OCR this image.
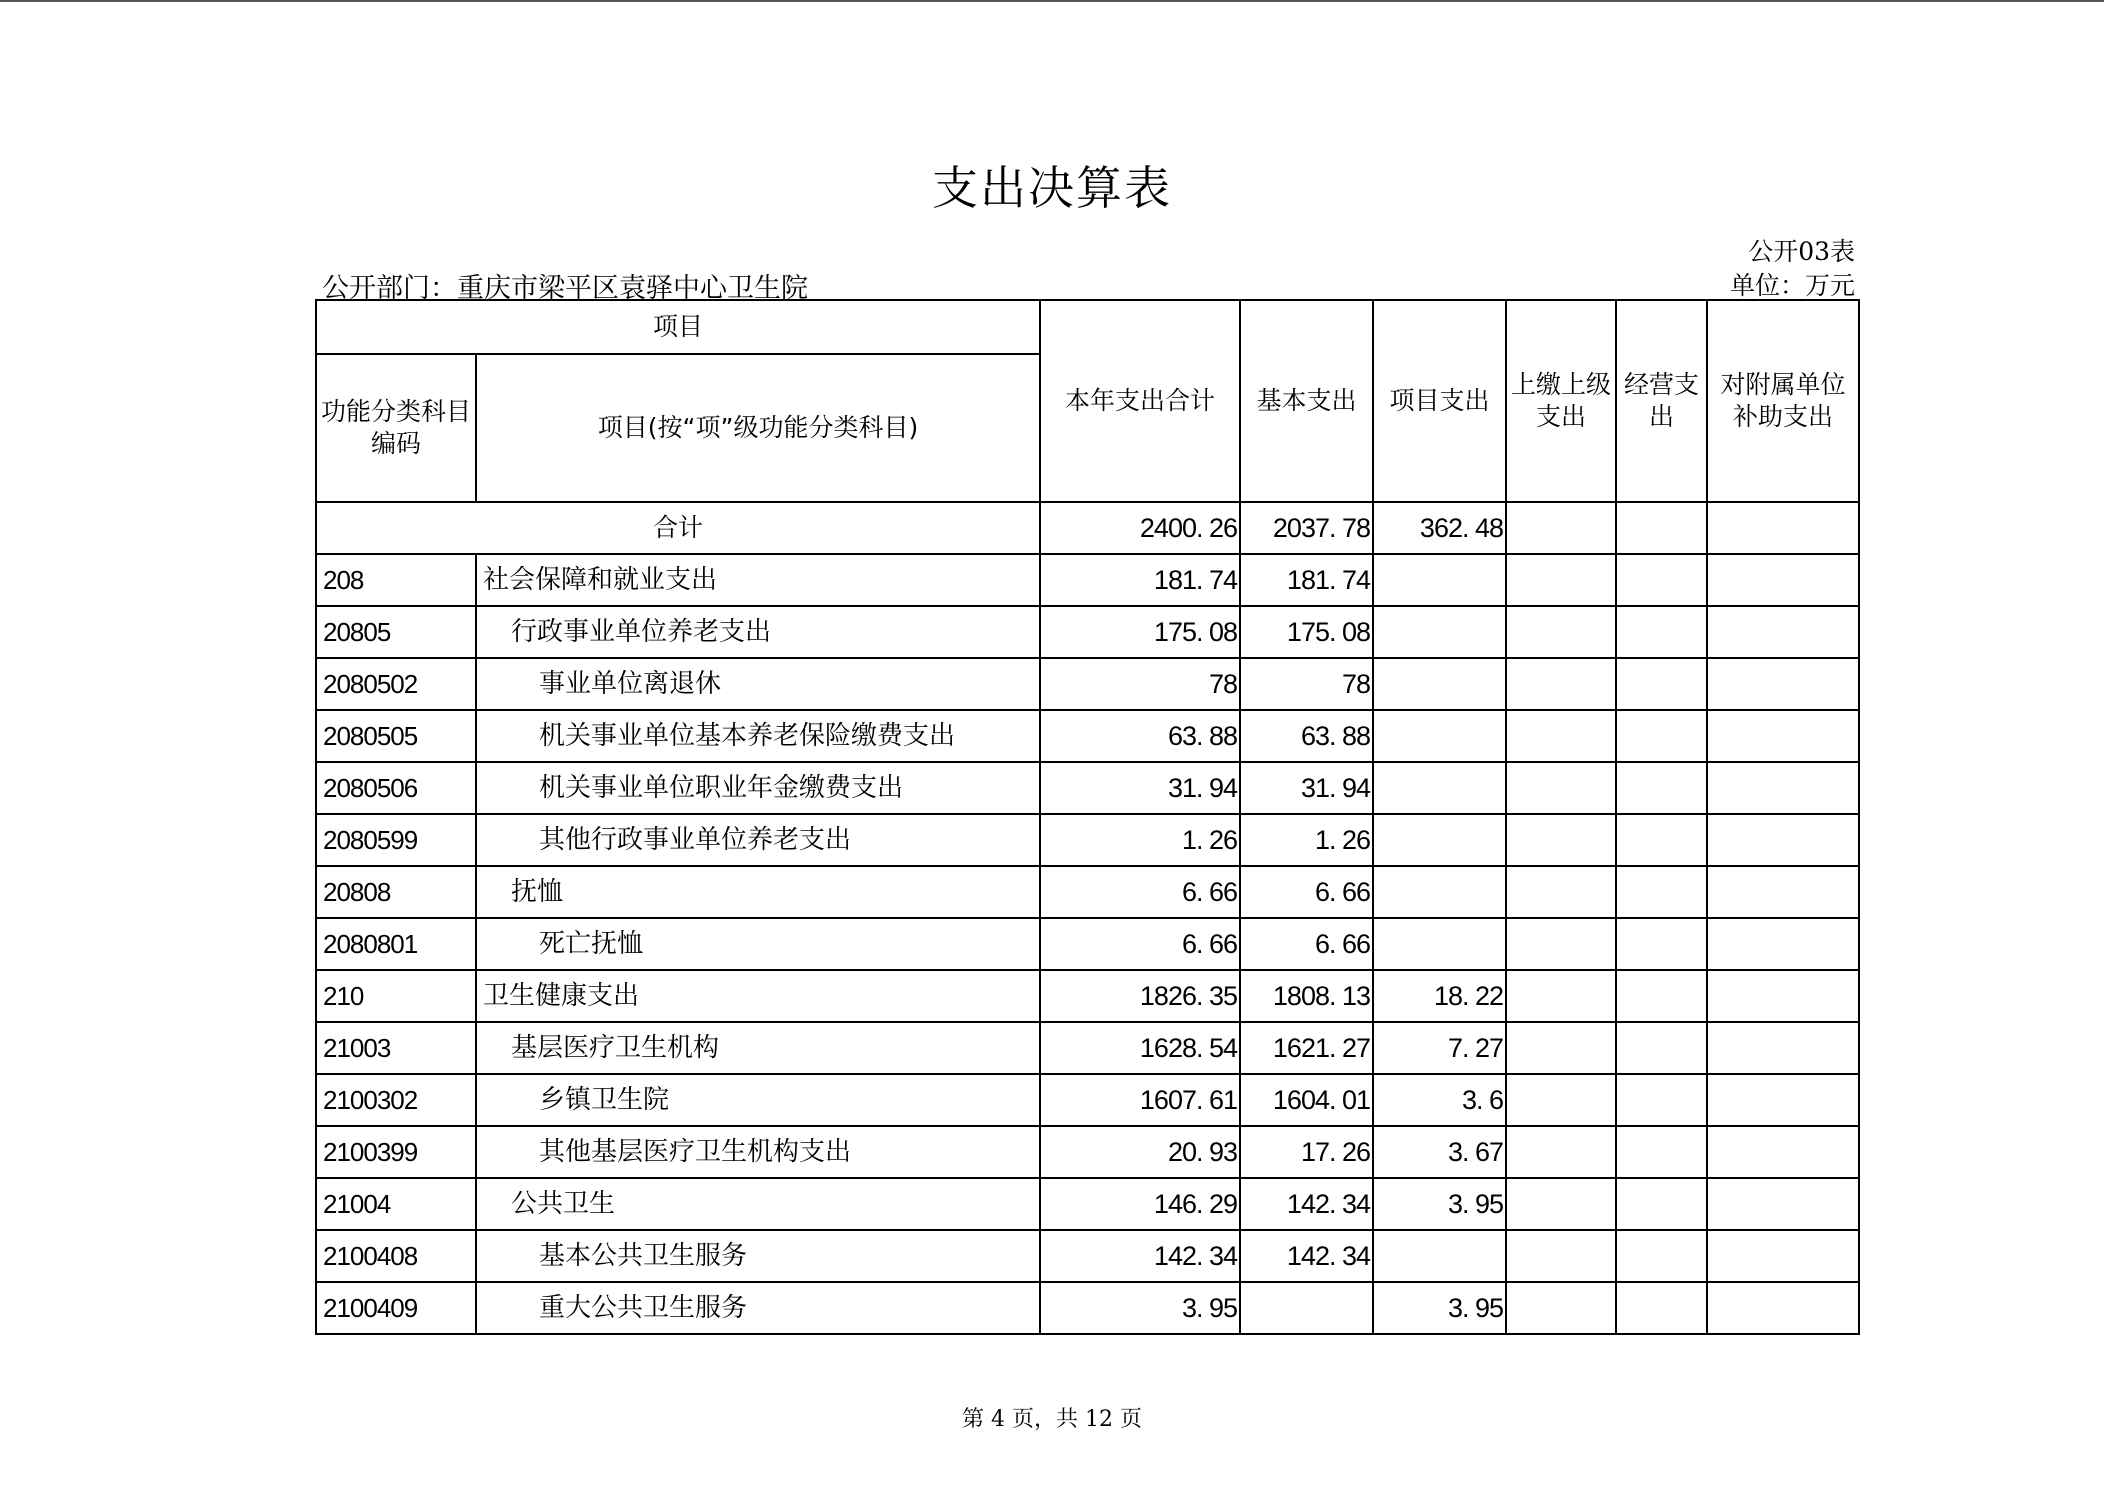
支出决算表
公开03表
单位：万元
公开部门：重庆市梁平区袁驿中心卫生院
项目		本年支出合计	基本支出	项目支出	上缴上级支出	经营支出	对附属单位补助支出
功能分类科目编码	项目(按“项”级功能分类科目)						
合计		2400. 26	2037. 78	362. 48			
208	社会保障和就业支出	181. 74	181. 74				
20805	行政事业单位养老支出	175. 08	175. 08				
2080502	事业单位离退休	78	78				
2080505	机关事业单位基本养老保险缴费支出	63. 88	63. 88				
2080506	机关事业单位职业年金缴费支出	31. 94	31. 94				
2080599	其他行政事业单位养老支出	1. 26	1. 26				
20808	抚恤	6. 66	6. 66				
2080801	死亡抚恤	6. 66	6. 66				
210	卫生健康支出	1826. 35	1808. 13	18. 22			
21003	基层医疗卫生机构	1628. 54	1621. 27	7. 27			
2100302	乡镇卫生院	1607. 61	1604. 01	3. 6			
2100399	其他基层医疗卫生机构支出	20. 93	17. 26	3. 67			
21004	公共卫生	146. 29	142. 34	3. 95			
2100408	基本公共卫生服务	142. 34	142. 34				
2100409	重大公共卫生服务	3. 95		3. 95			
第 4 页，共 12 页
